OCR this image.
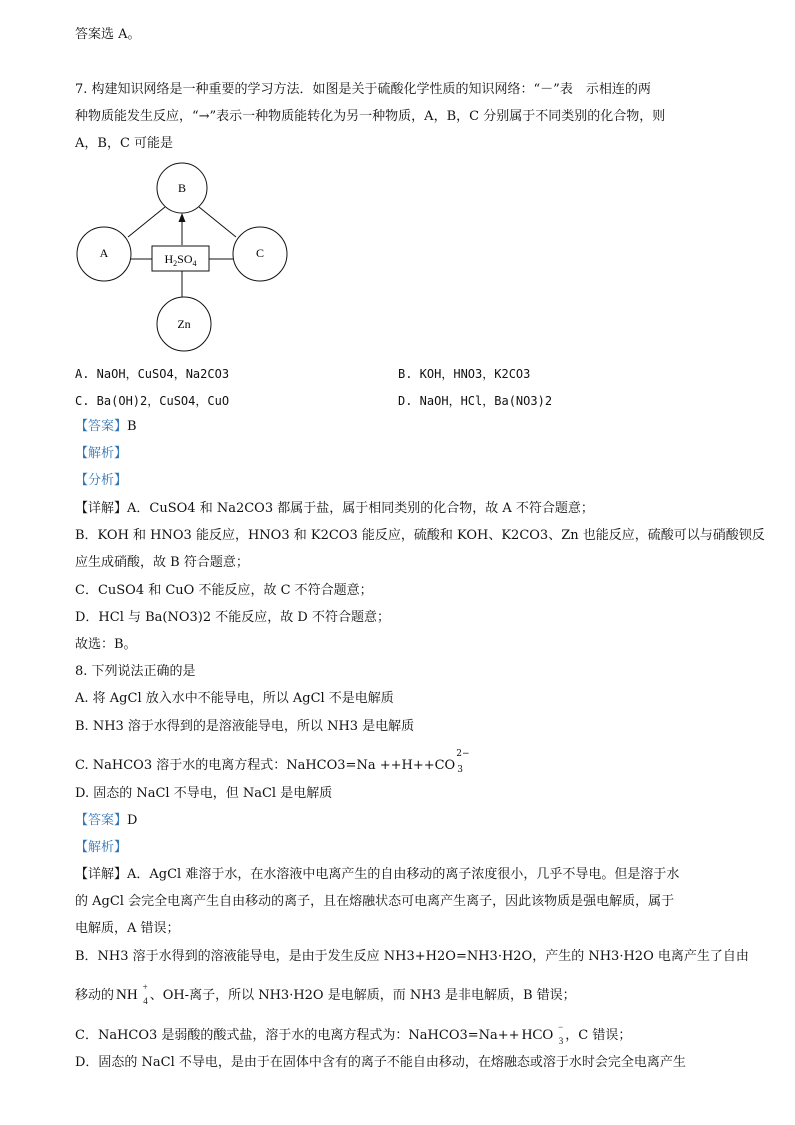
答案选 A。
7. 构建知识网络是一种重要的学习方法．如图是关于硫酸化学性质的知识网络：“－”表　示相连的两
种物质能发生反应，“→”表示一种物质能转化为另一种物质，A，B，C 分别属于不同类别的化合物，则
A，B，C 可能是
B
A	C
Zn
$H_2SO_4$
A. NaOH，CuSO4，Na2CO3	B. KOH，HNO3，K2CO3
C. Ba(OH)2，CuSO4，CuO	D. NaOH，HCl，Ba(NO3)2
【答案】B
【解析】
【分析】
【详解】A．CuSO4 和 Na2CO3 都属于盐，属于相同类别的化合物，故 A 不符合题意；
B．KOH 和 HNO3 能反应，HNO3 和 K2CO3 能反应，硫酸和 KOH、K2CO3、Zn 也能反应，硫酸可以与硝酸钡反
应生成硝酸，故 B 符合题意；
C．CuSO4 和 CuO 不能反应，故 C 不符合题意；
D．HCl 与 Ba(NO3)2 不能反应，故 D 不符合题意；
故选：B。
8. 下列说法正确的是
A. 将 AgCl 放入水中不能导电，所以 AgCl 不是电解质
B. NH3 溶于水得到的是溶液能导电，所以 NH3 是电解质
C. NaHCO3 溶于水的电离方程式：NaHCO3=Na ++H++CO
2−
3
D. 固态的 NaCl 不导电，但 NaCl 是电解质
【答案】D
【解析】
【详解】A．AgCl 难溶于水，在水溶液中电离产生的自由移动的离子浓度很小，几乎不导电。但是溶于水
的 AgCl 会完全电离产生自由移动的离子，且在熔融状态可电离产生离子，因此该物质是强电解质，属于
电解质，A 错误；
B．NH3 溶于水得到的溶液能导电，是由于发生反应 NH3+H2O=NH3·H2O，产生的 NH3·H2O 电离产生了自由
移动的 NH +
4 、OH-离子，所以 NH3·H2O 是电解质，而 NH3 是非电解质，B 错误；
C．NaHCO3 是弱酸的酸式盐，溶于水的电离方程式为：NaHCO3=Na++ HCO −
3 ，C 错误；
D．固态的 NaCl 不导电，是由于在固体中含有的离子不能自由移动，在熔融态或溶于水时会完全电离产生
